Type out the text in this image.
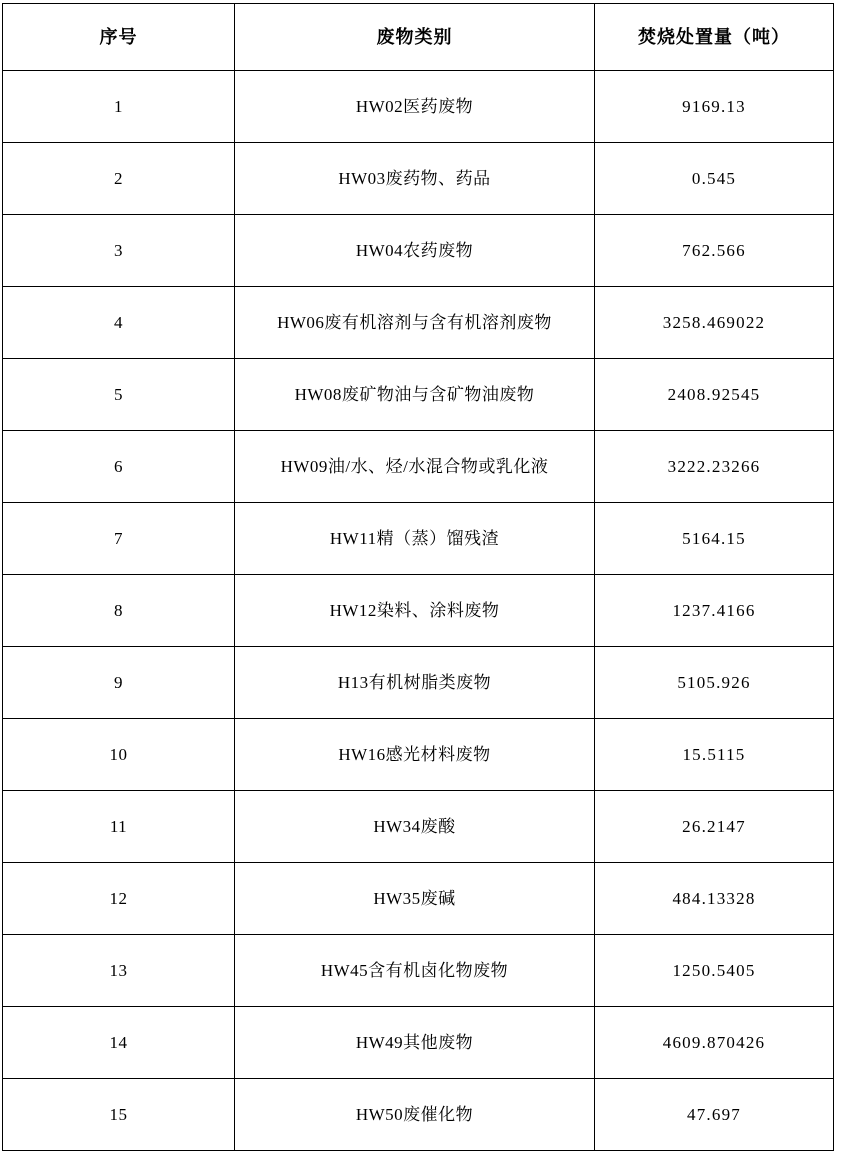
序号	废物类别	焚烧处置量（吨）
1	HW02医药废物	9169.13
2	HW03废药物、药品	0.545
3	HW04农药废物	762.566
4	HW06废有机溶剂与含有机溶剂废物	3258.469022
5	HW08废矿物油与含矿物油废物	2408.92545
6	HW09油/水、烃/水混合物或乳化液	3222.23266
7	HW11精（蒸）馏残渣	5164.15
8	HW12染料、涂料废物	1237.4166
9	H13有机树脂类废物	5105.926
10	HW16感光材料废物	15.5115
11	HW34废酸	26.2147
12	HW35废碱	484.13328
13	HW45含有机卤化物废物	1250.5405
14	HW49其他废物	4609.870426
15	HW50废催化物	47.697
